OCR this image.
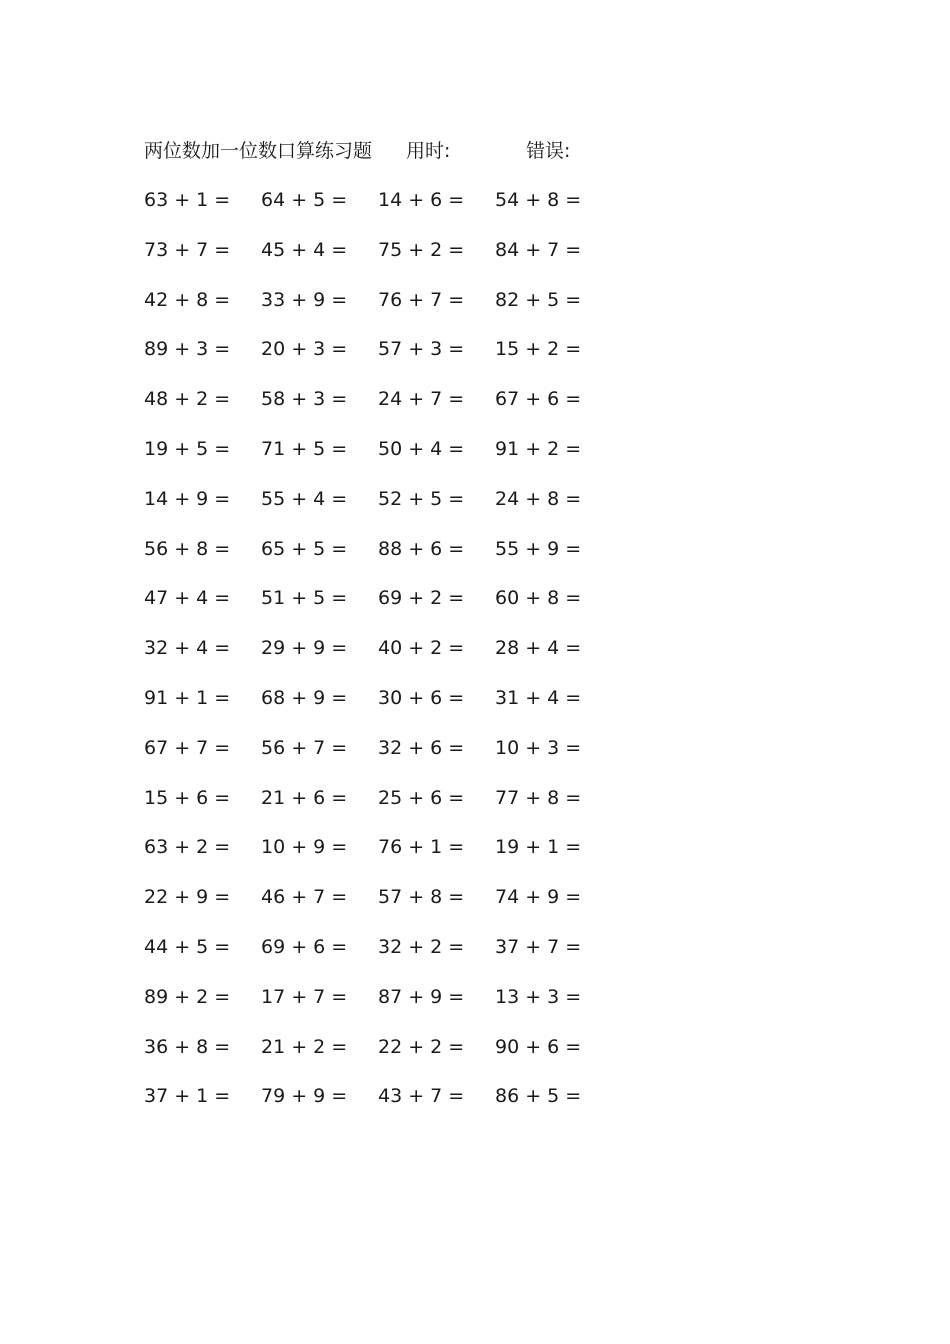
两位数加一位数口算练习题 用时:	错误:
63 + 1 = 64 + 5 = 14 + 6 = 54 + 8 =
73 + 7 = 45 + 4 = 75 + 2 = 84 + 7 =
42 + 8 = 33 + 9 = 76 + 7 = 82 + 5 =
89 + 3 = 20 + 3 = 57 + 3 = 15 + 2 =
48 + 2 = 58 + 3 = 24 + 7 = 67 + 6 =
19 + 5 = 71 + 5 = 50 + 4 = 91 + 2 =
14 + 9 = 55 + 4 = 52 + 5 = 24 + 8 =
56 + 8 = 65 + 5 = 88 + 6 = 55 + 9 =
47 + 4 = 51 + 5 = 69 + 2 = 60 + 8 =
32 + 4 = 29 + 9 = 40 + 2 = 28 + 4 =
91 + 1 = 68 + 9 = 30 + 6 = 31 + 4 =
67 + 7 = 56 + 7 = 32 + 6 = 10 + 3 =
15 + 6 = 21 + 6 = 25 + 6 = 77 + 8 =
63 + 2 = 10 + 9 = 76 + 1 = 19 + 1 =
22 + 9 = 46 + 7 = 57 + 8 = 74 + 9 =
44 + 5 = 69 + 6 = 32 + 2 = 37 + 7 =
89 + 2 = 17 + 7 = 87 + 9 = 13 + 3 =
36 + 8 = 21 + 2 = 22 + 2 = 90 + 6 =
37 + 1 = 79 + 9 = 43 + 7 = 86 + 5 =
